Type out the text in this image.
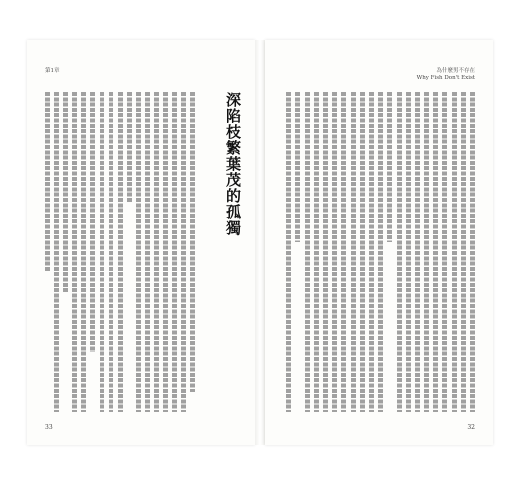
第1章
深陷枝繁葉茂的孤獨
33
為什麼男不存在
Why Fish Don't Exist
32
